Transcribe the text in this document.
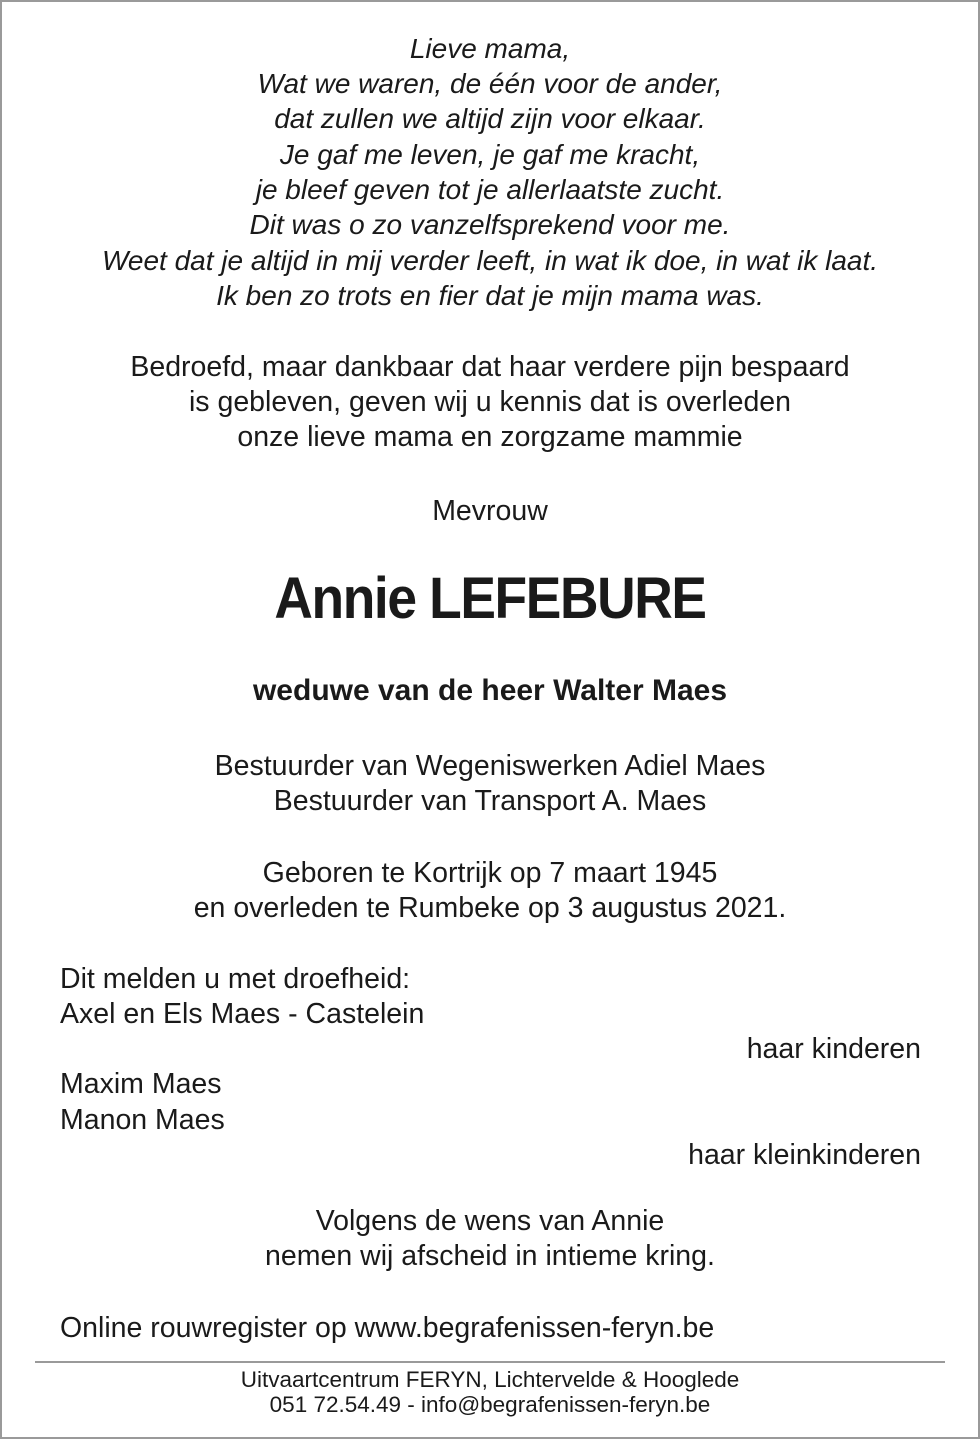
Lieve mama,
Wat we waren, de één voor de ander,
dat zullen we altijd zijn voor elkaar.
Je gaf me leven, je gaf me kracht,
je bleef geven tot je allerlaatste zucht.
Dit was o zo vanzelfsprekend voor me.
Weet dat je altijd in mij verder leeft, in wat ik doe, in wat ik laat.
Ik ben zo trots en fier dat je mijn mama was.
Bedroefd, maar dankbaar dat haar verdere pijn bespaard
is gebleven, geven wij u kennis dat is overleden
onze lieve mama en zorgzame mammie
Mevrouw
Annie LEFEBURE
weduwe van de heer Walter Maes
Bestuurder van Wegeniswerken Adiel Maes
Bestuurder van Transport A. Maes
Geboren te Kortrijk op 7 maart 1945
en overleden te Rumbeke op 3 augustus 2021.
Dit melden u met droefheid:
Axel en Els Maes - Castelein
haar kinderen
Maxim Maes
Manon Maes
haar kleinkinderen
Volgens de wens van Annie
nemen wij afscheid in intieme kring.
Online rouwregister op www.begrafenissen-feryn.be
Uitvaartcentrum FERYN, Lichtervelde & Hooglede
051 72.54.49 - info@begrafenissen-feryn.be
